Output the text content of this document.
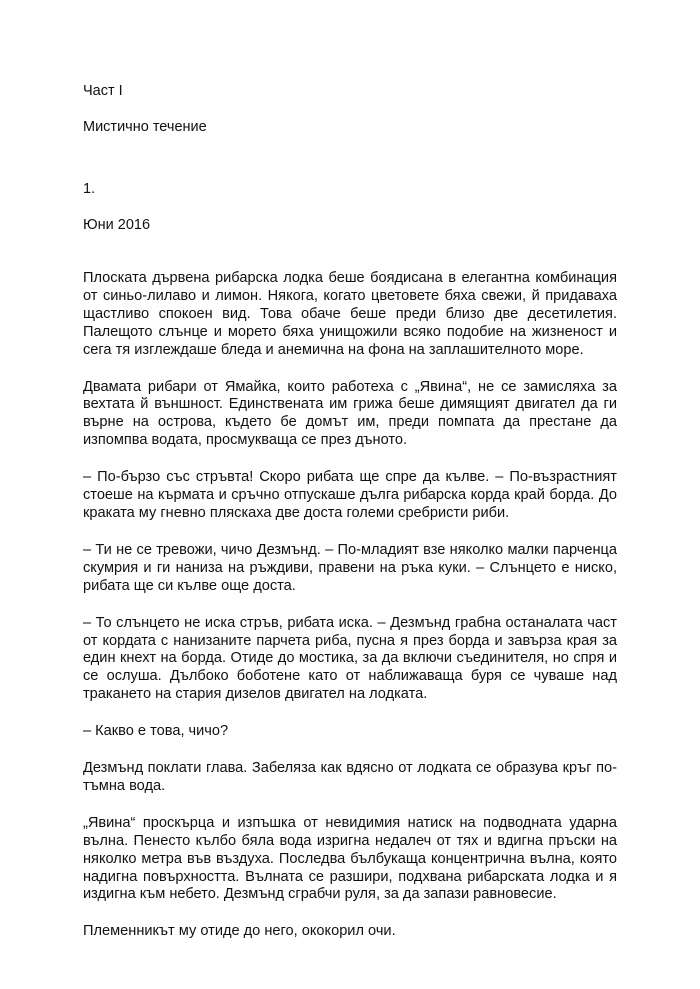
Част I

Мистично течение

1.

Юни 2016

Плоската дървена рибарска лодка беше боядисана в елегантна комбинация от синьо-лилаво и лимон. Някога, когато цветовете бяха свежи, й придаваха щастливо спокоен вид. Това обаче беше преди близо две десетилетия. Палещото слънце и морето бяха унищожили всяко подобие на жизненост и сега тя изглеждаше бледа и анемична на фона на заплашителното море.

Двамата рибари от Ямайка, които работеха с „Явина“, не се замисляха за вехтата й външност. Единствената им грижа беше димящият двигател да ги върне на острова, където бе домът им, преди помпата да престане да изпомпва водата, просмукваща се през дъното.

– По-бързо със стръвта! Скоро рибата ще спре да кълве. – По-възрастният стоеше на кърмата и сръчно отпускаше дълга рибарска корда край борда. До краката му гневно пляскаха две доста големи сребристи риби.

– Ти не се тревожи, чичо Дезмънд. – По-младият взе няколко малки парченца скумрия и ги наниза на ръждиви, правени на ръка куки. – Слънцето е ниско, рибата ще си кълве още доста.

– То слънцето не иска стръв, рибата иска. – Дезмънд грабна останалата част от кордата с нанизаните парчета риба, пусна я през борда и завърза края за един кнехт на борда. Отиде до мостика, за да включи съединителя, но спря и се ослуша. Дълбоко боботене като от наближаваща буря се чуваше над тракането на стария дизелов двигател на лодката.

– Какво е това, чичо?

Дезмънд поклати глава. Забеляза как вдясно от лодката се образува кръг по-тъмна вода.

„Явина“ проскърца и изпъшка от невидимия натиск на подводната ударна вълна. Пенесто кълбо бяла вода изригна недалеч от тях и вдигна пръски на няколко метра във въздуха. Последва бълбукаща концентрична вълна, която надигна повърхността. Вълната се разшири, подхвана рибарската лодка и я издигна към небето. Дезмънд сграбчи руля, за да запази равновесие.

Племенникът му отиде до него, ококорил очи.
